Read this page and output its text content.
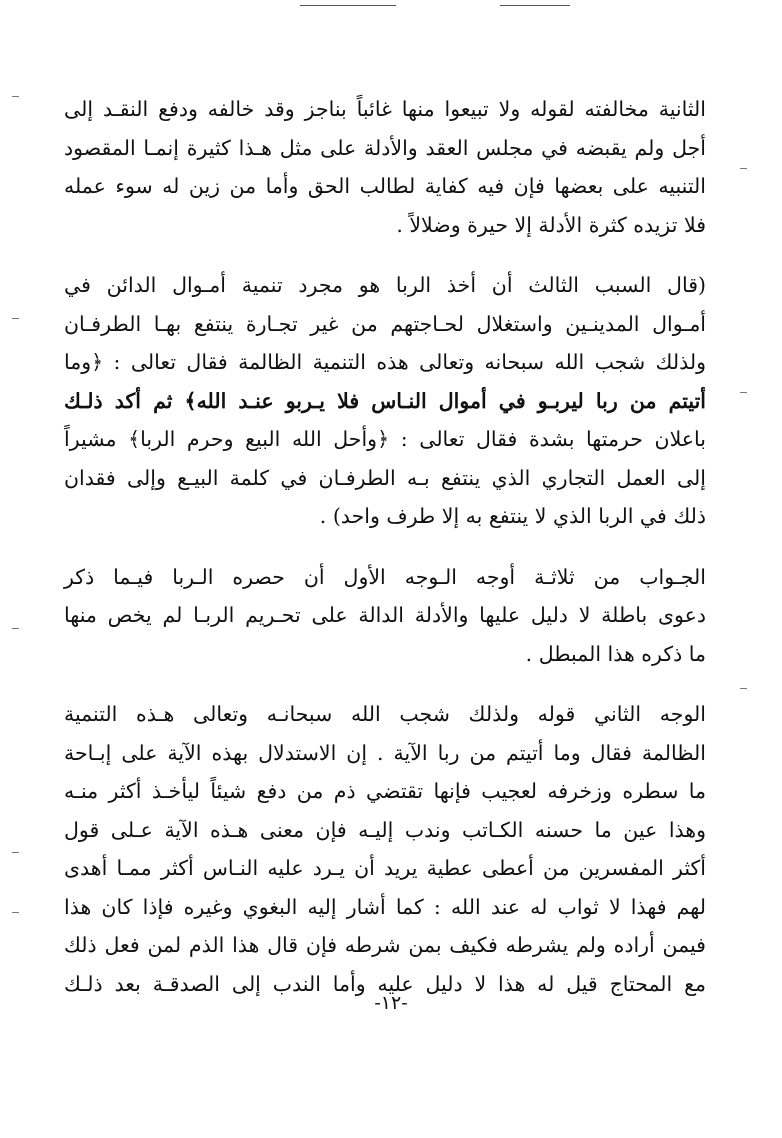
الثانية مخالفته لقوله ولا تبيعوا منها غائباً بناجز وقد خالفه ودفع النقـد إلى
أجل ولم يقبضه في مجلس العقد والأدلة على مثل هـذا كثيرة إنمـا المقصود
التنبيه على بعضها فإن فيه كفاية لطالب الحق وأما من زين له سوء عمله
فلا تزيده كثرة الأدلة إلا حيرة وضلالاً .

(قال السبب الثالث أن أخذ الربا هو مجرد تنمية أمـوال الدائن في
أمـوال المدينـين واستغلال لحـاجتهم من غير تجـارة ينتفع بهـا الطرفـان
ولذلك شجب الله سبحانه وتعالى هذه التنمية الظالمة فقال تعالى : ﴿وما
أتيتم من ربا ليربـو في أموال النـاس فلا يـربو عنـد الله﴾ ثم أكد ذلـك
باعلان حرمتها بشدة فقال تعالى : ﴿وأحل الله البيع وحرم الربا﴾ مشيراً
إلى العمل التجاري الذي ينتفع بـه الطرفـان في كلمة البيـع وإلى فقدان
ذلك في الربا الذي لا ينتفع به إلا طرف واحد) .

الجـواب من ثلاثـة أوجه الـوجه الأول أن حصره الـربا فيـما ذكر
دعوى باطلة لا دليل عليها والأدلة الدالة على تحـريم الربـا لم يخص منها
ما ذكره هذا المبطل .

الوجه الثاني قوله ولذلك شجب الله سبحانـه وتعالى هـذه التنمية
الظالمة فقال وما أتيتم من ربا الآية . إن الاستدلال بهذه الآية على إبـاحة
ما سطره وزخرفه لعجيب فإنها تقتضي ذم من دفع شيئاً ليأخـذ أكثر منـه
وهذا عين ما حسنه الكـاتب وندب إليـه فإن معنى هـذه الآية عـلى قول
أكثر المفسرين من أعطى عطية يريد أن يـرد عليه النـاس أكثر ممـا أهدى
لهم فهذا لا ثواب له عند الله : كما أشار إليه البغوي وغيره فإذا كان هذا
فيمن أراده ولم يشرطه فكيف بمن شرطه فإن قال هذا الذم لمن فعل ذلك
مع المحتاج قيل له هذا لا دليل عليه وأما الندب إلى الصدقـة بعد ذلـك

-١٢-
